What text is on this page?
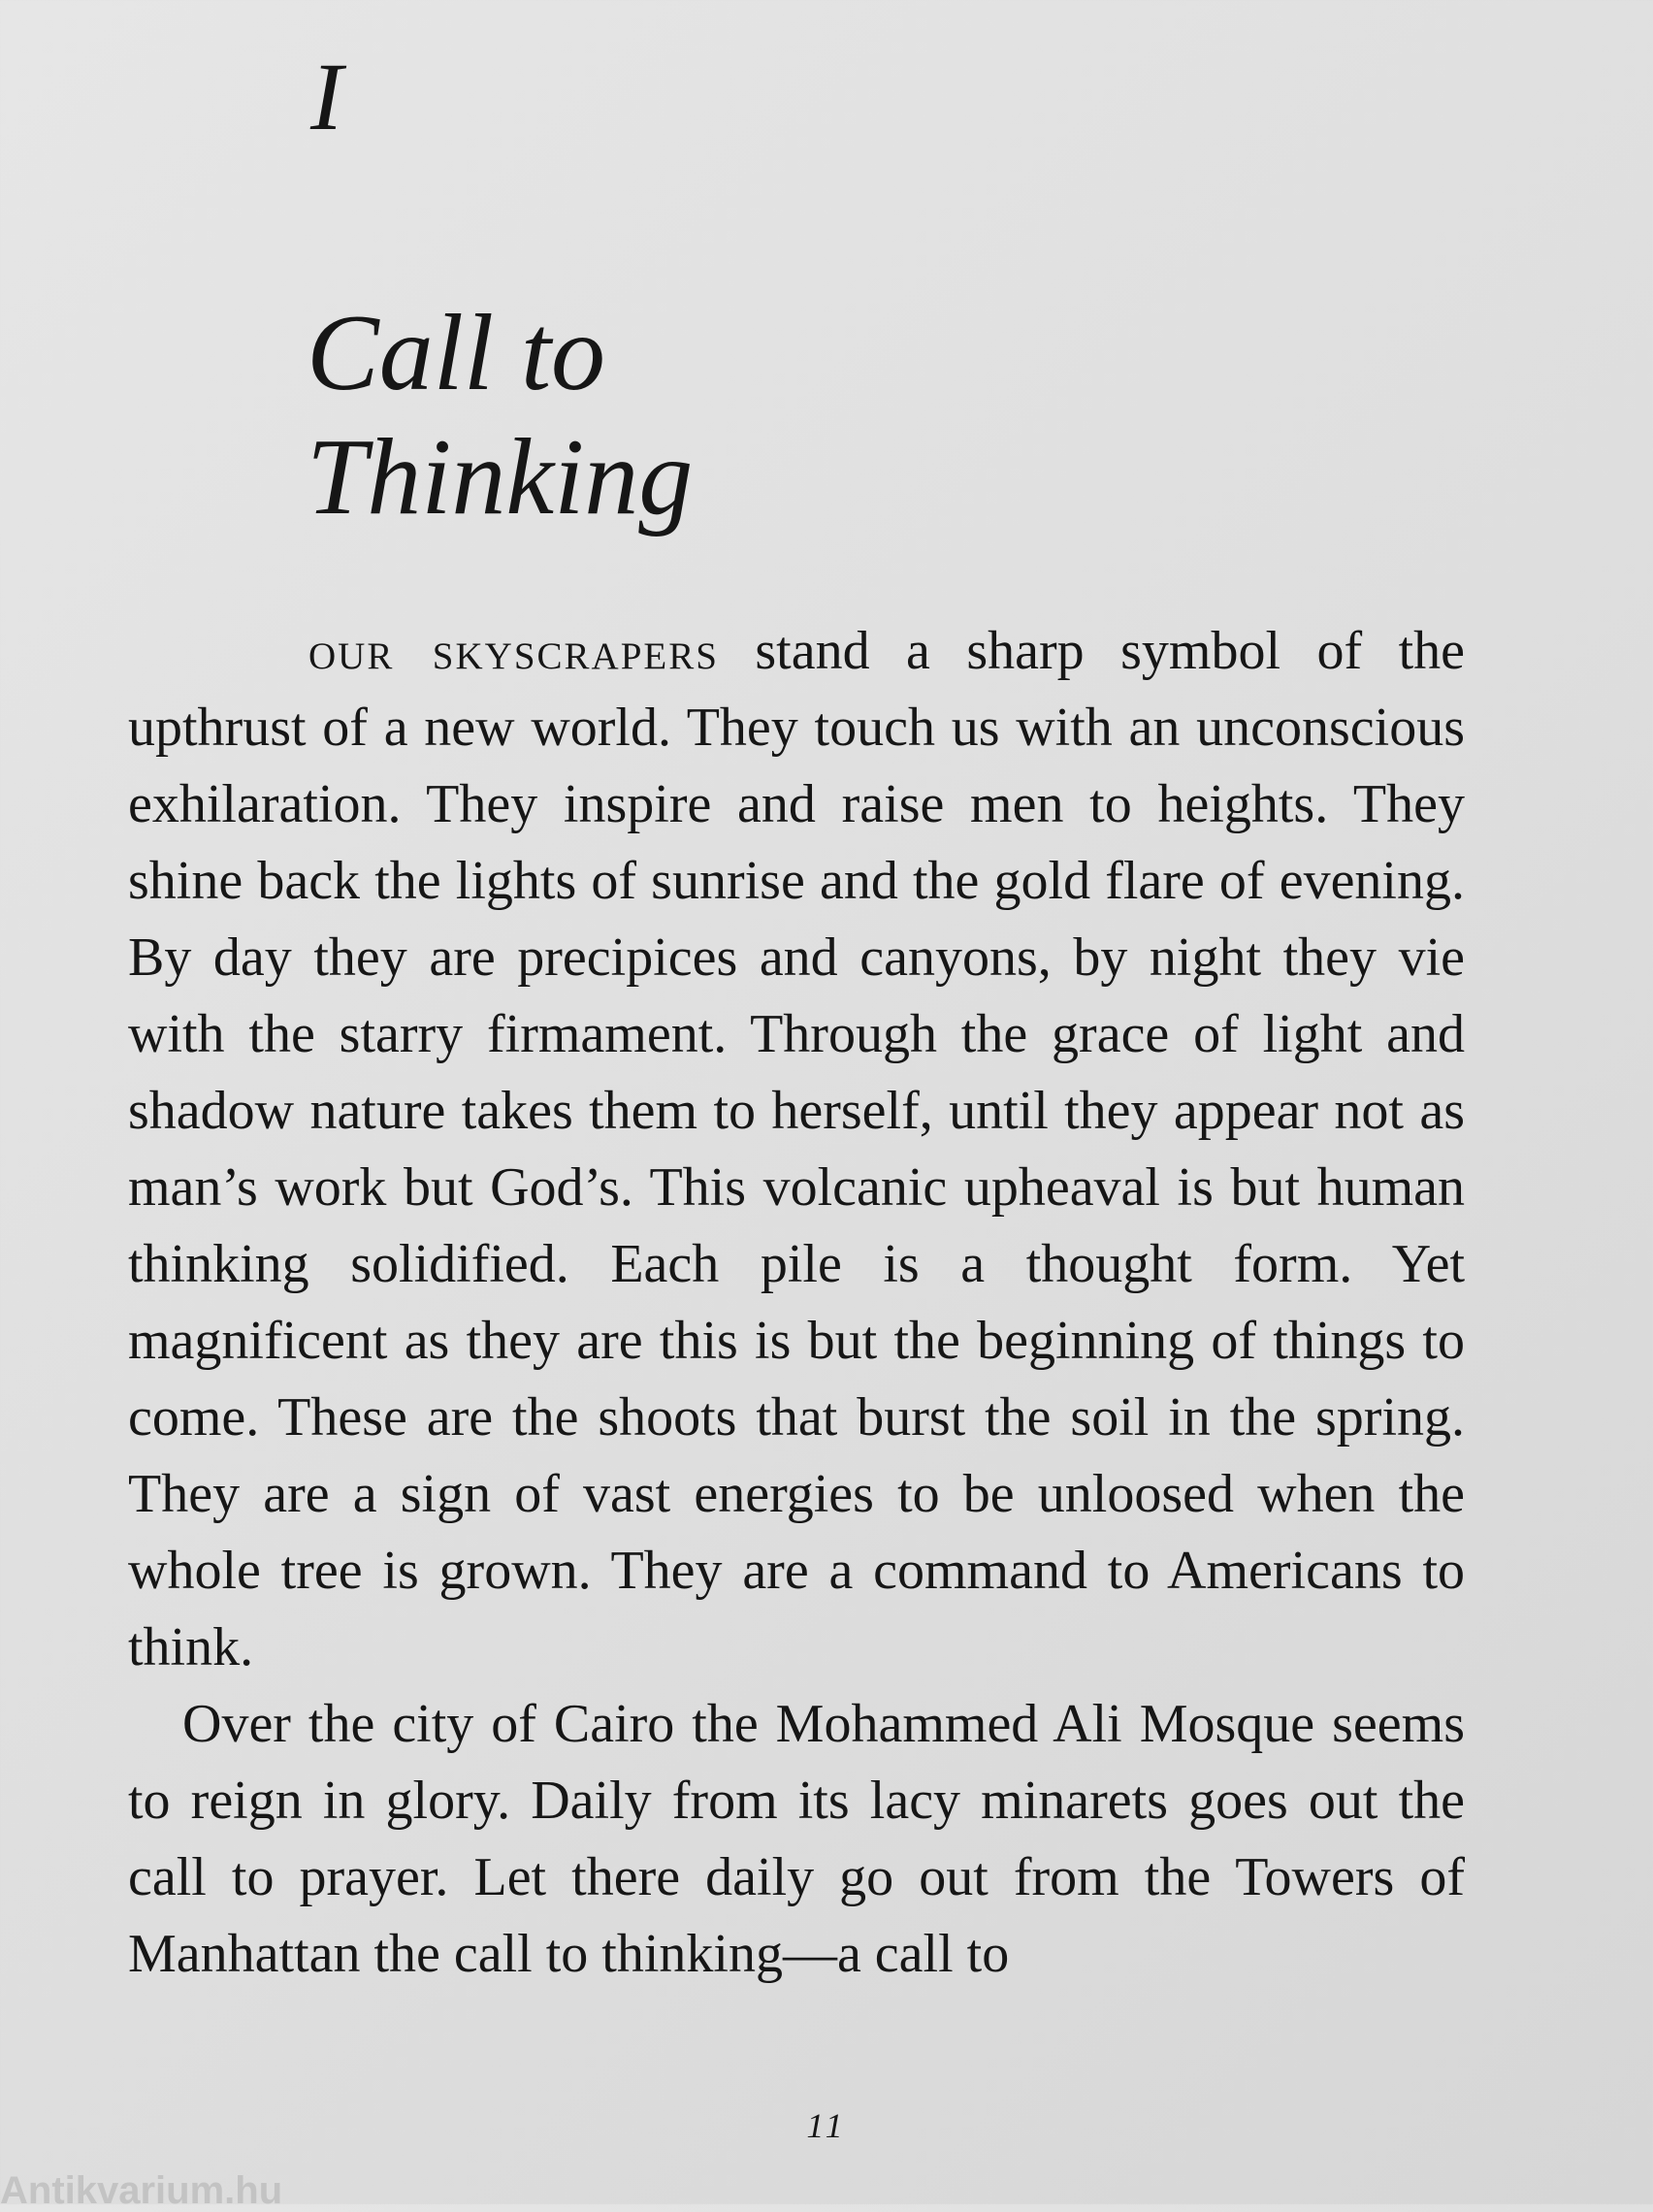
I
Call to
Thinking

our skyscrapers stand a sharp symbol of the upthrust of a new world. They touch us with an unconscious exhilaration. They inspire and raise men to heights. They shine back the lights of sunrise and the gold flare of evening. By day they are precipices and canyons, by night they vie with the starry firmament. Through the grace of light and shadow nature takes them to herself, until they appear not as man’s work but God’s. This volcanic upheaval is but human thinking solidified. Each pile is a thought form. Yet magnificent as they are this is but the beginning of things to come. These are the shoots that burst the soil in the spring. They are a sign of vast energies to be unloosed when the whole tree is grown. They are a command to Americans to think.

Over the city of Cairo the Mohammed Ali Mosque seems to reign in glory. Daily from its lacy minarets goes out the call to prayer. Let there daily go out from the Towers of Manhattan the call to thinking—a call to

11
Antikvarium.hu
